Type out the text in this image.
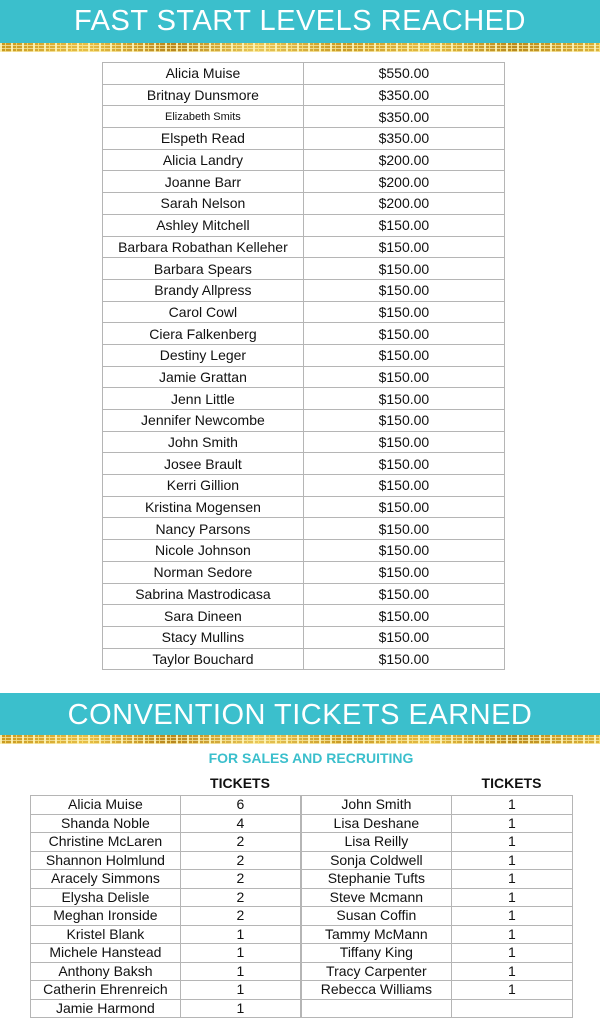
FAST START LEVELS REACHED
Alicia Muise	$550.00
Britnay Dunsmore	$350.00
Elizabeth Smits	$350.00
Elspeth Read	$350.00
Alicia Landry	$200.00
Joanne Barr	$200.00
Sarah Nelson	$200.00
Ashley Mitchell	$150.00
Barbara Robathan Kelleher	$150.00
Barbara Spears	$150.00
Brandy Allpress	$150.00
Carol Cowl	$150.00
Ciera Falkenberg	$150.00
Destiny Leger	$150.00
Jamie Grattan	$150.00
Jenn Little	$150.00
Jennifer Newcombe	$150.00
John Smith	$150.00
Josee Brault	$150.00
Kerri Gillion	$150.00
Kristina Mogensen	$150.00
Nancy Parsons	$150.00
Nicole Johnson	$150.00
Norman Sedore	$150.00
Sabrina Mastrodicasa	$150.00
Sara Dineen	$150.00
Stacy Mullins	$150.00
Taylor Bouchard	$150.00
CONVENTION TICKETS EARNED
FOR SALES AND RECRUITING
TICKETS	TICKETS
Alicia Muise	6
Shanda Noble	4
Christine McLaren	2
Shannon Holmlund	2
Aracely Simmons	2
Elysha Delisle	2
Meghan Ironside	2
Kristel Blank	1
Michele Hanstead	1
Anthony Baksh	1
Catherin Ehrenreich	1
Jamie Harmond	1
John Smith	1
Lisa Deshane	1
Lisa Reilly	1
Sonja Coldwell	1
Stephanie Tufts	1
Steve Mcmann	1
Susan Coffin	1
Tammy McMann	1
Tiffany King	1
Tracy Carpenter	1
Rebecca Williams	1
